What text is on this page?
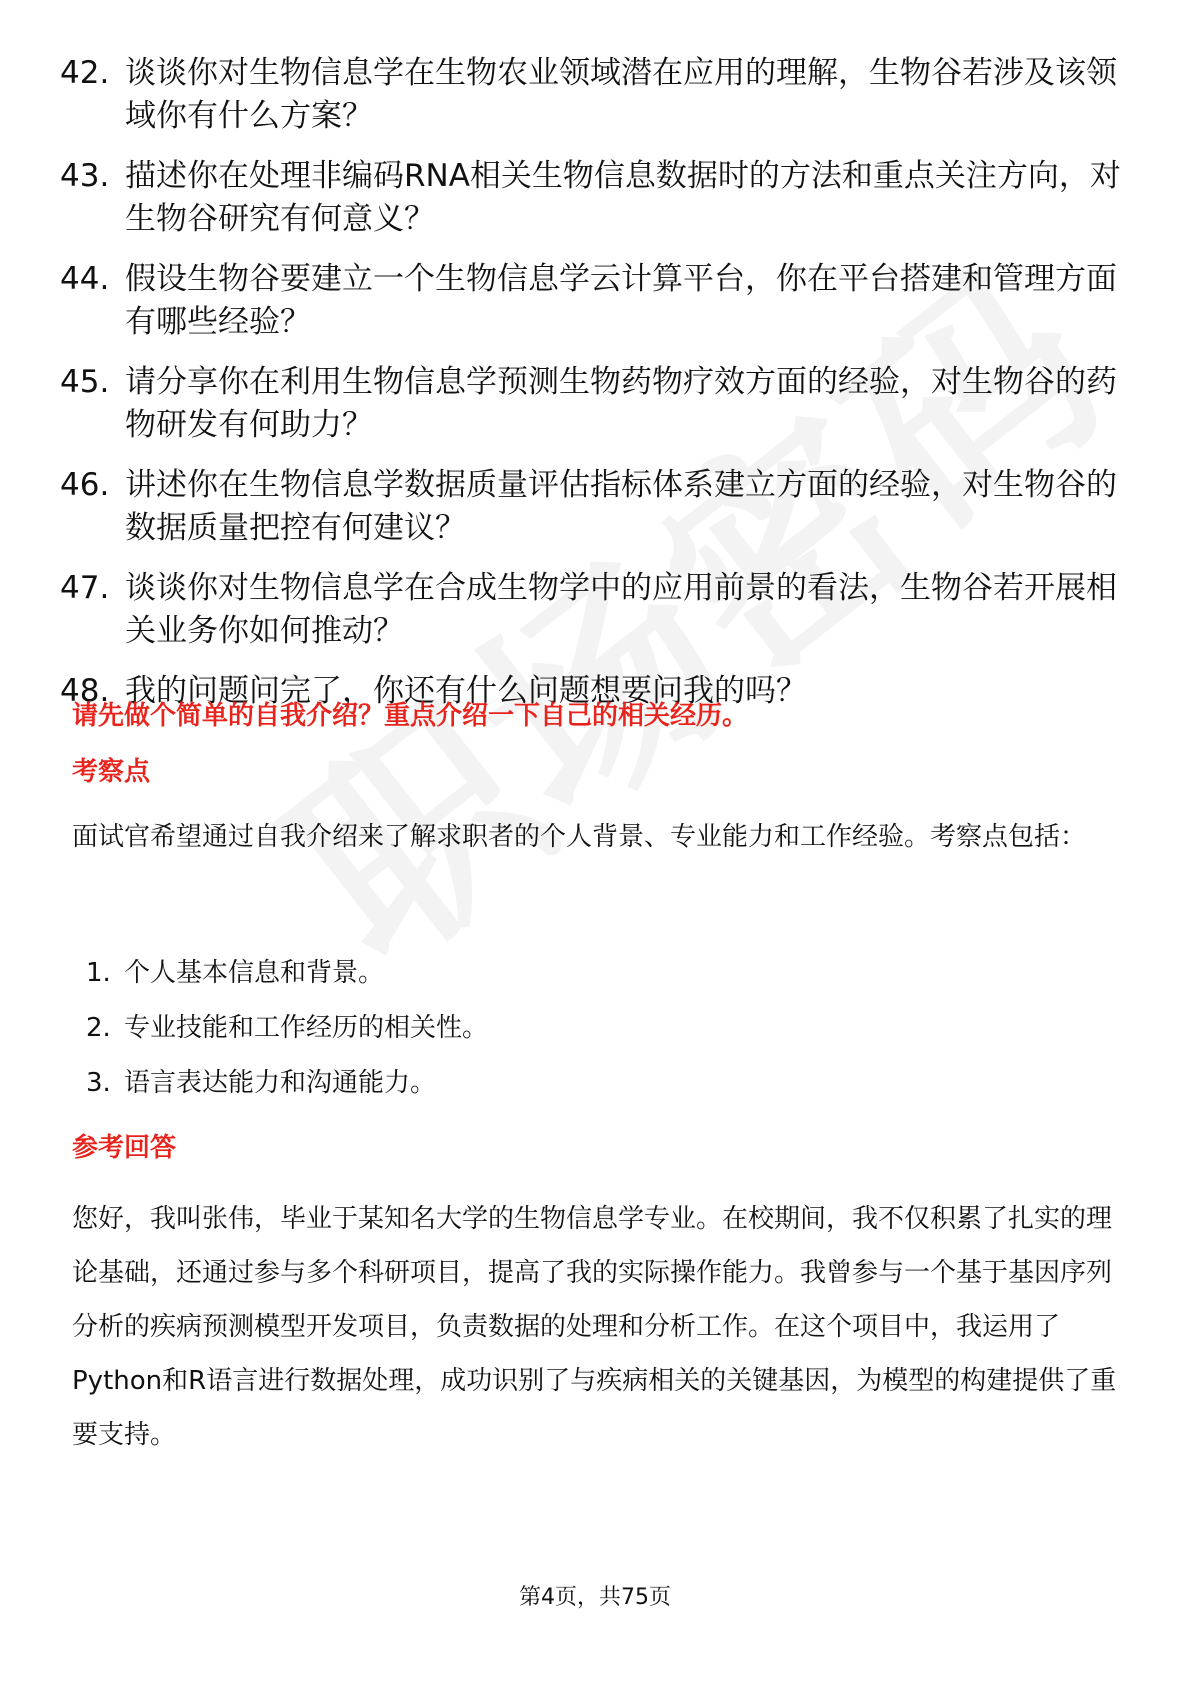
42. 谈谈你对生物信息学在生物农业领域潜在应用的理解，生物谷若涉及该领域你有什么方案？
43. 描述你在处理非编码RNA相关生物信息数据时的方法和重点关注方向，对生物谷研究有何意义？
44. 假设生物谷要建立一个生物信息学云计算平台，你在平台搭建和管理方面有哪些经验？
45. 请分享你在利用生物信息学预测生物药物疗效方面的经验，对生物谷的药物研发有何助力？
46. 讲述你在生物信息学数据质量评估指标体系建立方面的经验，对生物谷的数据质量把控有何建议？
47. 谈谈你对生物信息学在合成生物学中的应用前景的看法，生物谷若开展相关业务你如何推动？
48. 我的问题问完了，你还有什么问题想要问我的吗？
请先做个简单的自我介绍？重点介绍一下自己的相关经历。
考察点
面试官希望通过自我介绍来了解求职者的个人背景、专业能力和工作经验。考察点包括：
1. 个人基本信息和背景。
2. 专业技能和工作经历的相关性。
3. 语言表达能力和沟通能力。
参考回答
您好，我叫张伟，毕业于某知名大学的生物信息学专业。在校期间，我不仅积累了扎实的理论基础，还通过参与多个科研项目，提高了我的实际操作能力。我曾参与一个基于基因序列分析的疾病预测模型开发项目，负责数据的处理和分析工作。在这个项目中，我运用了Python和R语言进行数据处理，成功识别了与疾病相关的关键基因，为模型的构建提供了重要支持。
第4页，共75页
